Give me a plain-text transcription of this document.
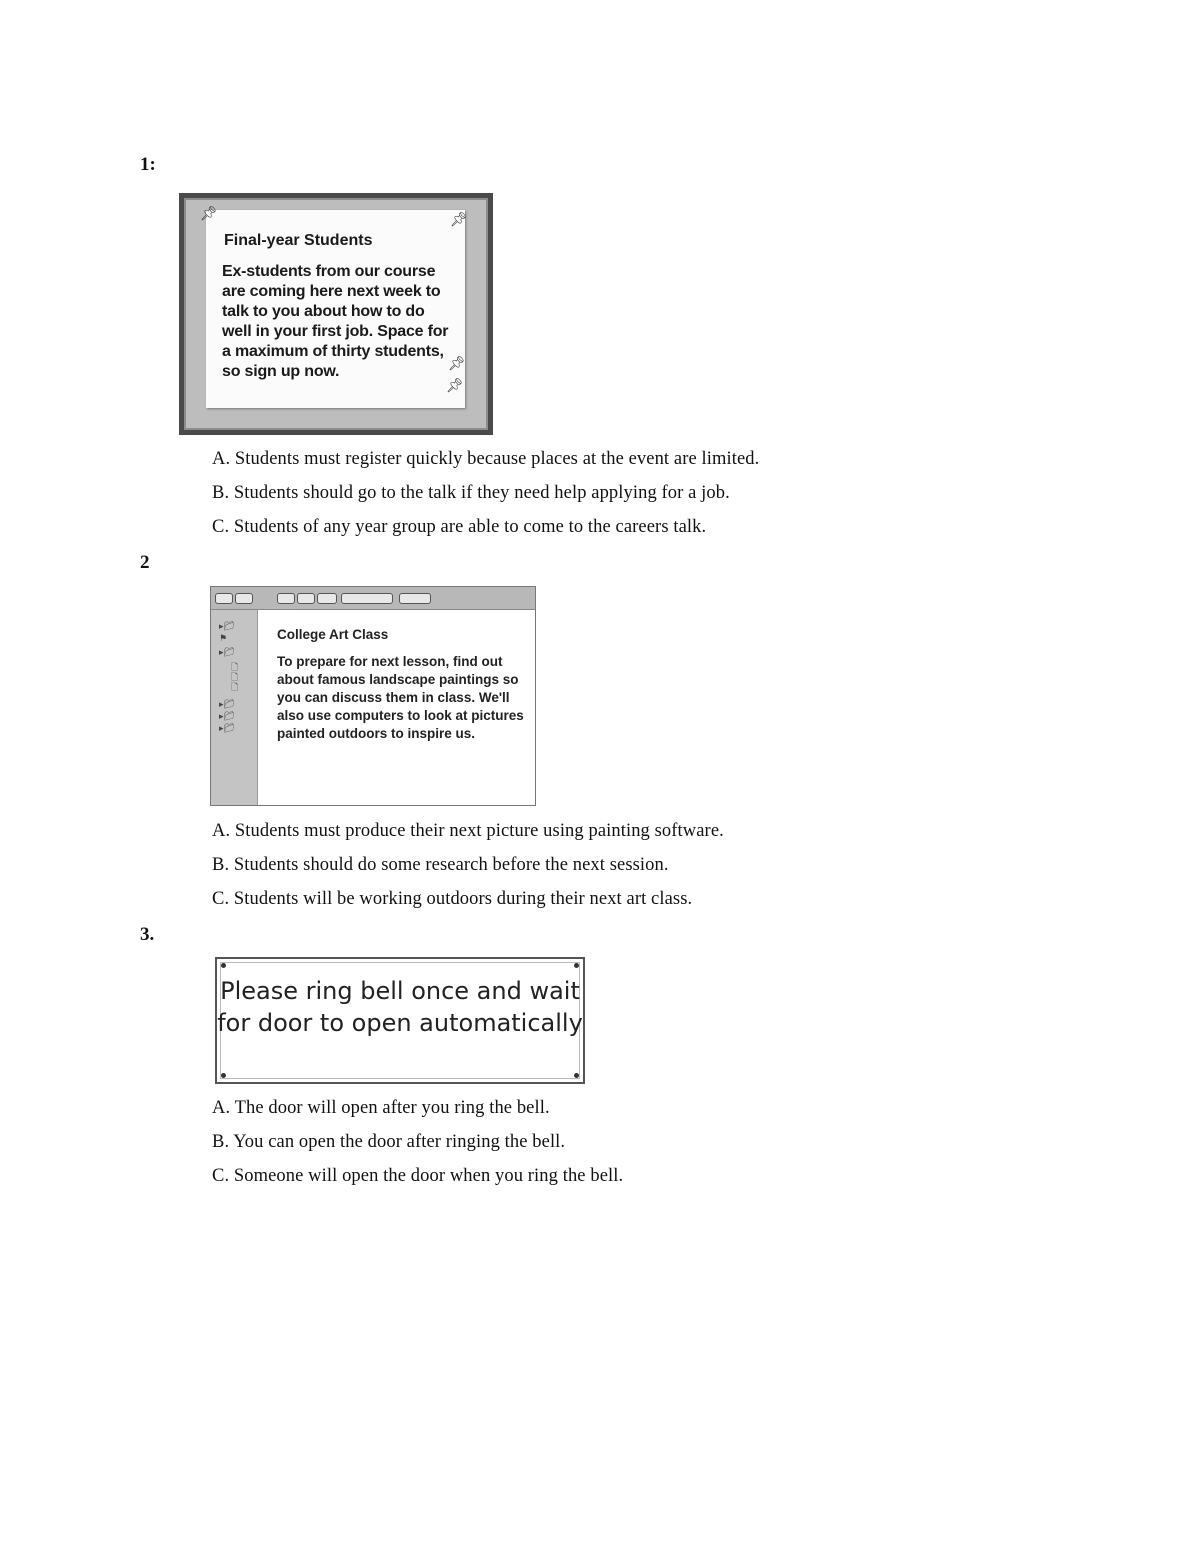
1:
📌︎	📌︎
Final-year Students
Ex-students from our course are coming here next week to talk to you about how to do well in your first job. Space for a maximum of thirty students, so sign up now.	📌︎
📌︎
A. Students must register quickly because places at the event are limited.
B. Students should go to the talk if they need help applying for a job.
C. Students of any year group are able to come to the careers talk.
2
▸📁︎
⚑
▸📁︎
🗋︎
🗋︎
🗋︎
▸📁︎
▸📁︎
▸📁︎
College Art Class
To prepare for next lesson, find out about famous landscape paintings so you can discuss them in class. We'll also use computers to look at pictures painted outdoors to inspire us.
A. Students must produce their next picture using painting software.
B. Students should do some research before the next session.
C. Students will be working outdoors during their next art class.
3.
Please ring bell once and wait for door to open automatically
A. The door will open after you ring the bell.
B. You can open the door after ringing the bell.
C. Someone will open the door when you ring the bell.
